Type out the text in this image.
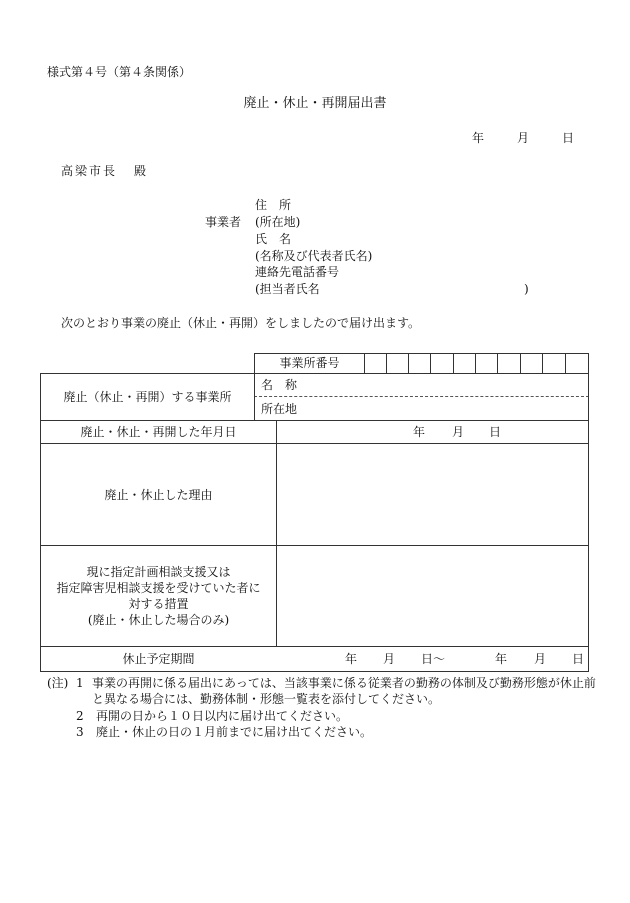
様式第４号（第４条関係）
廃止・休止・再開届出書
年	月	日
高梁市長 殿
事業者
住　所
(所在地)
氏　名
(名称及び代表者氏名)
連絡先電話番号
(担当者氏名	)
次のとおり事業の廃止（休止・再開）をしましたので届け出ます。
事業所番号
廃止（休止・再開）する事業所
名　称
所在地
廃止・休止・再開した年月日	年 月 日
廃止・休止した理由
現に指定計画相談支援又は
指定障害児相談支援を受けていた者に
対する措置
(廃止・休止した場合のみ)
休止予定期間	年 月 日～	年 月 日
(注) 1 事業の再開に係る届出にあっては、当該事業に係る従業者の勤務の体制及び勤務形態が休止前
と異なる場合には、勤務体制・形態一覧表を添付してください。
2 再開の日から１０日以内に届け出てください。
3 廃止・休止の日の１月前までに届け出てください。
